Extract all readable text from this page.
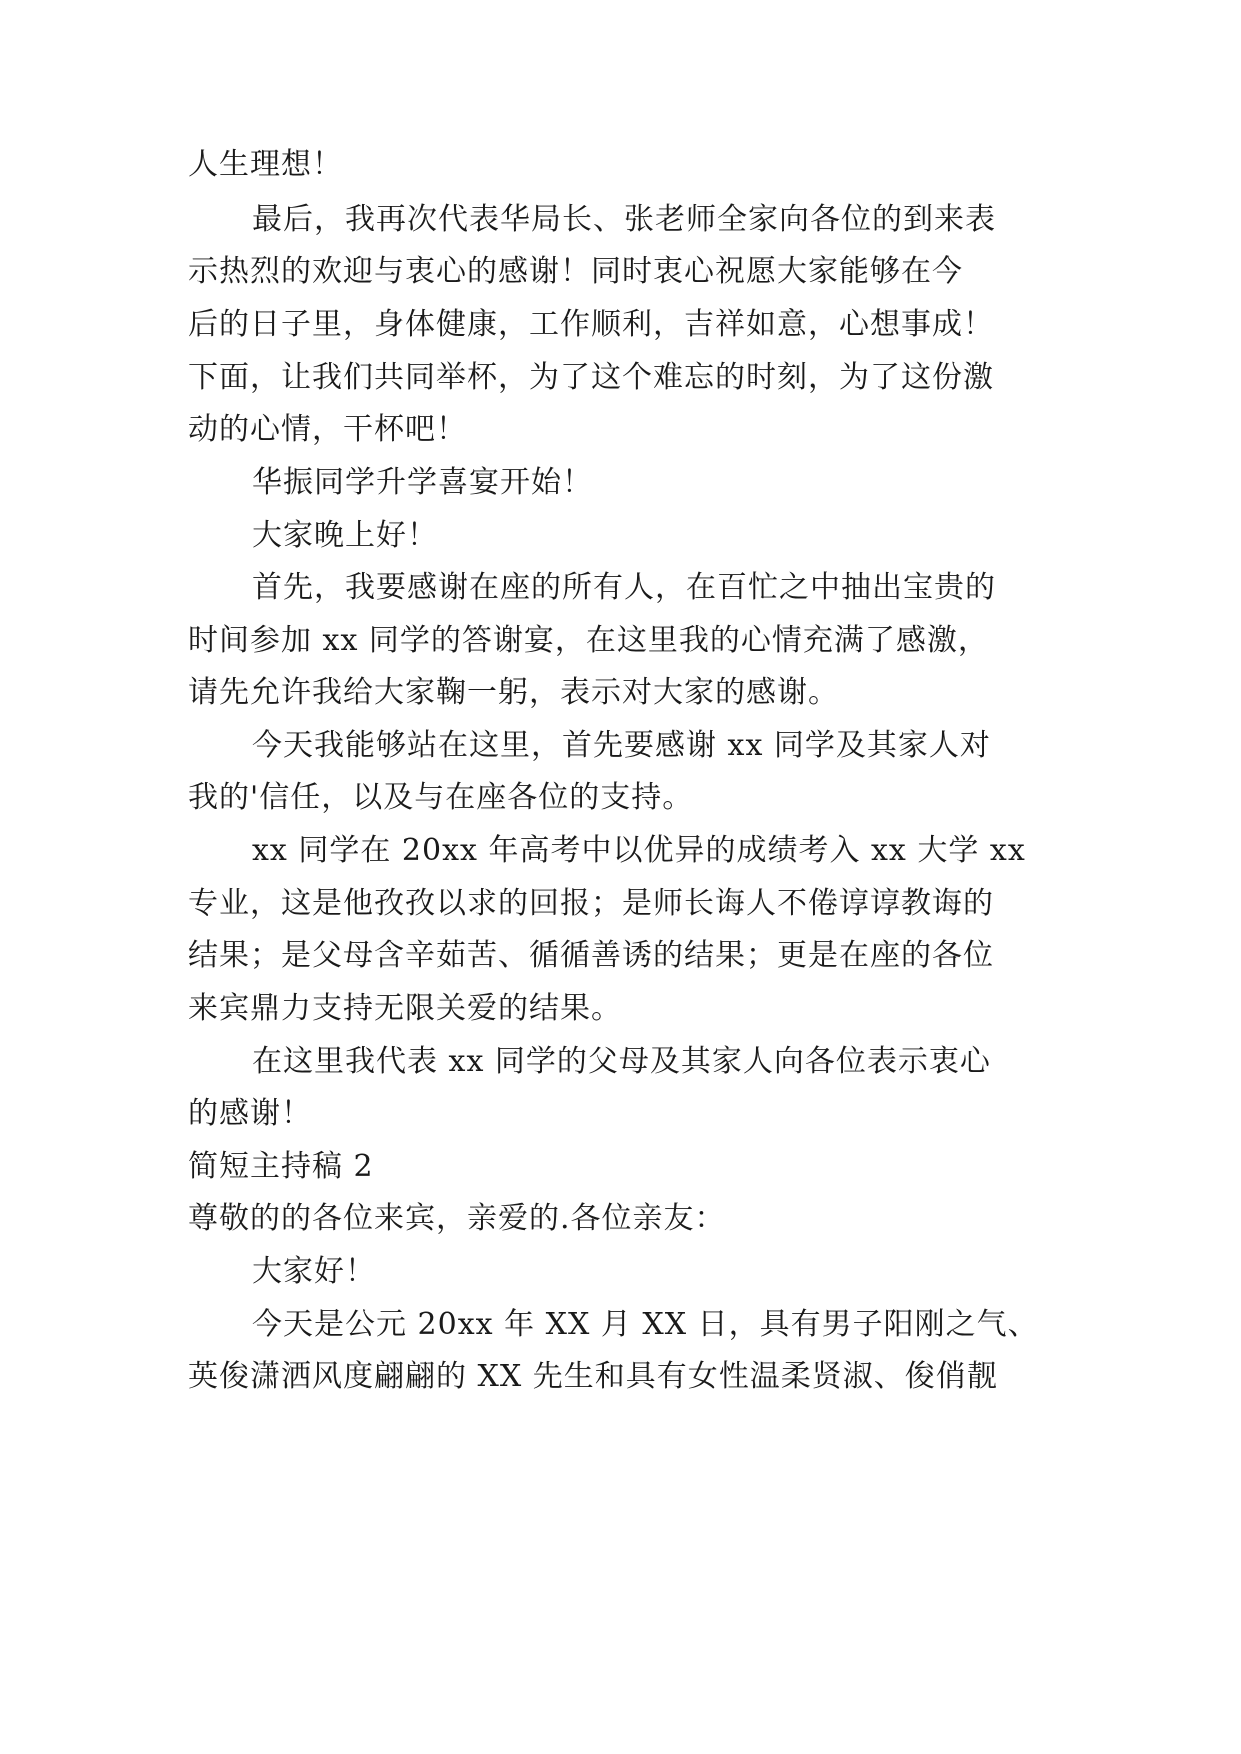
人生理想！
最后，我再次代表华局长、张老师全家向各位的到来表
示热烈的欢迎与衷心的感谢！同时衷心祝愿大家能够在今
后的日子里，身体健康，工作顺利，吉祥如意，心想事成！
下面，让我们共同举杯，为了这个难忘的时刻，为了这份激
动的心情，干杯吧！
华振同学升学喜宴开始！
大家晚上好！
首先，我要感谢在座的所有人，在百忙之中抽出宝贵的
时间参加 xx 同学的答谢宴，在这里我的心情充满了感激，
请先允许我给大家鞠一躬，表示对大家的感谢。
今天我能够站在这里，首先要感谢 xx 同学及其家人对
我的'信任，以及与在座各位的支持。
xx 同学在 20xx 年高考中以优异的成绩考入 xx 大学 xx
专业，这是他孜孜以求的回报；是师长诲人不倦谆谆教诲的
结果；是父母含辛茹苦、循循善诱的结果；更是在座的各位
来宾鼎力支持无限关爱的结果。
在这里我代表 xx 同学的父母及其家人向各位表示衷心
的感谢！
简短主持稿 2
尊敬的的各位来宾，亲爱的.各位亲友：
大家好！
今天是公元 20xx 年 XX 月 XX 日，具有男子阳刚之气、
英俊潇洒风度翩翩的 XX 先生和具有女性温柔贤淑、俊俏靓
